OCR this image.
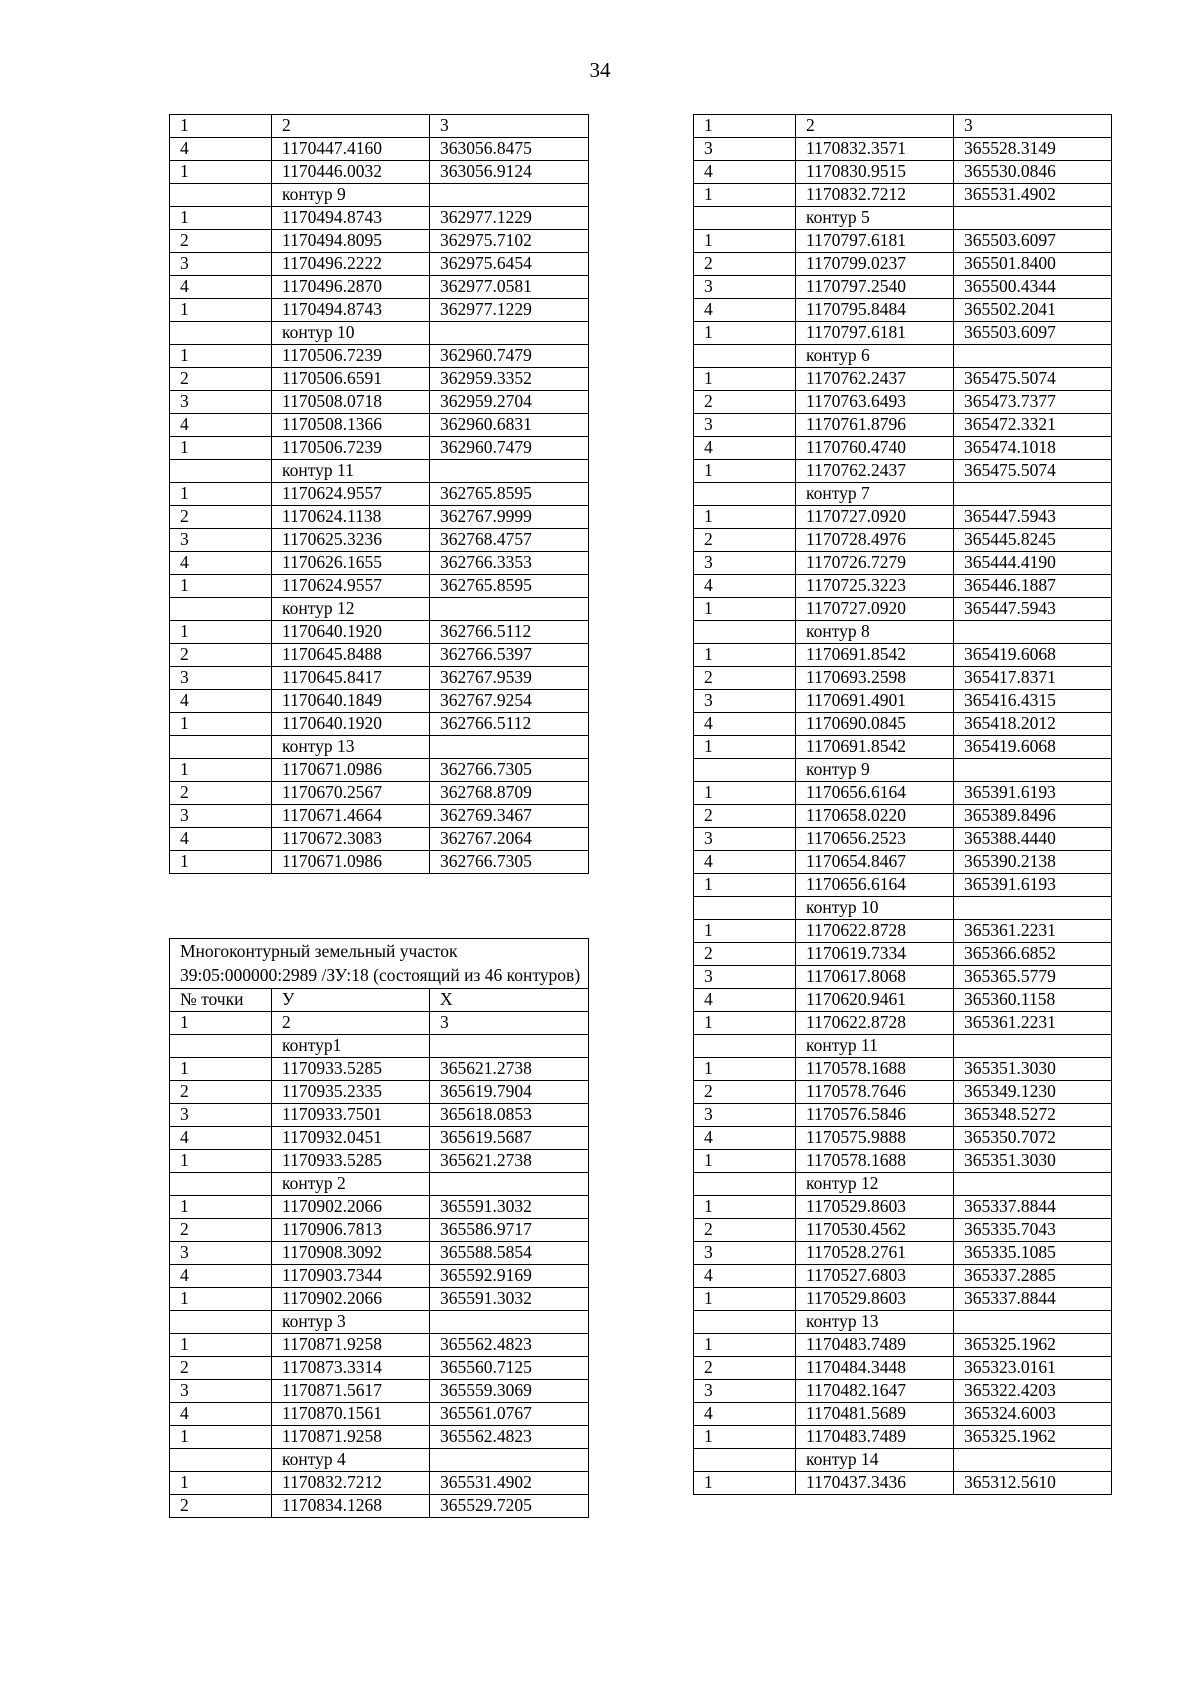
34
1	2	3
4	1170447.4160	363056.8475
1	1170446.0032	363056.9124
	контур 9	
1	1170494.8743	362977.1229
2	1170494.8095	362975.7102
3	1170496.2222	362975.6454
4	1170496.2870	362977.0581
1	1170494.8743	362977.1229
	контур 10	
1	1170506.7239	362960.7479
2	1170506.6591	362959.3352
3	1170508.0718	362959.2704
4	1170508.1366	362960.6831
1	1170506.7239	362960.7479
	контур 11	
1	1170624.9557	362765.8595
2	1170624.1138	362767.9999
3	1170625.3236	362768.4757
4	1170626.1655	362766.3353
1	1170624.9557	362765.8595
	контур 12	
1	1170640.1920	362766.5112
2	1170645.8488	362766.5397
3	1170645.8417	362767.9539
4	1170640.1849	362767.9254
1	1170640.1920	362766.5112
	контур 13	
1	1170671.0986	362766.7305
2	1170670.2567	362768.8709
3	1170671.4664	362769.3467
4	1170672.3083	362767.2064
1	1170671.0986	362766.7305
Многоконтурный земельный участок 39:05:000000:2989 /ЗУ:18 (состоящий из 46 контуров)		
№ точки	У	Х
1	2	3
	контур1	
1	1170933.5285	365621.2738
2	1170935.2335	365619.7904
3	1170933.7501	365618.0853
4	1170932.0451	365619.5687
1	1170933.5285	365621.2738
	контур 2	
1	1170902.2066	365591.3032
2	1170906.7813	365586.9717
3	1170908.3092	365588.5854
4	1170903.7344	365592.9169
1	1170902.2066	365591.3032
	контур 3	
1	1170871.9258	365562.4823
2	1170873.3314	365560.7125
3	1170871.5617	365559.3069
4	1170870.1561	365561.0767
1	1170871.9258	365562.4823
	контур 4	
1	1170832.7212	365531.4902
2	1170834.1268	365529.7205
1	2	3
3	1170832.3571	365528.3149
4	1170830.9515	365530.0846
1	1170832.7212	365531.4902
	контур 5	
1	1170797.6181	365503.6097
2	1170799.0237	365501.8400
3	1170797.2540	365500.4344
4	1170795.8484	365502.2041
1	1170797.6181	365503.6097
	контур 6	
1	1170762.2437	365475.5074
2	1170763.6493	365473.7377
3	1170761.8796	365472.3321
4	1170760.4740	365474.1018
1	1170762.2437	365475.5074
	контур 7	
1	1170727.0920	365447.5943
2	1170728.4976	365445.8245
3	1170726.7279	365444.4190
4	1170725.3223	365446.1887
1	1170727.0920	365447.5943
	контур 8	
1	1170691.8542	365419.6068
2	1170693.2598	365417.8371
3	1170691.4901	365416.4315
4	1170690.0845	365418.2012
1	1170691.8542	365419.6068
	контур 9	
1	1170656.6164	365391.6193
2	1170658.0220	365389.8496
3	1170656.2523	365388.4440
4	1170654.8467	365390.2138
1	1170656.6164	365391.6193
	контур 10	
1	1170622.8728	365361.2231
2	1170619.7334	365366.6852
3	1170617.8068	365365.5779
4	1170620.9461	365360.1158
1	1170622.8728	365361.2231
	контур 11	
1	1170578.1688	365351.3030
2	1170578.7646	365349.1230
3	1170576.5846	365348.5272
4	1170575.9888	365350.7072
1	1170578.1688	365351.3030
	контур 12	
1	1170529.8603	365337.8844
2	1170530.4562	365335.7043
3	1170528.2761	365335.1085
4	1170527.6803	365337.2885
1	1170529.8603	365337.8844
	контур 13	
1	1170483.7489	365325.1962
2	1170484.3448	365323.0161
3	1170482.1647	365322.4203
4	1170481.5689	365324.6003
1	1170483.7489	365325.1962
	контур 14	
1	1170437.3436	365312.5610
